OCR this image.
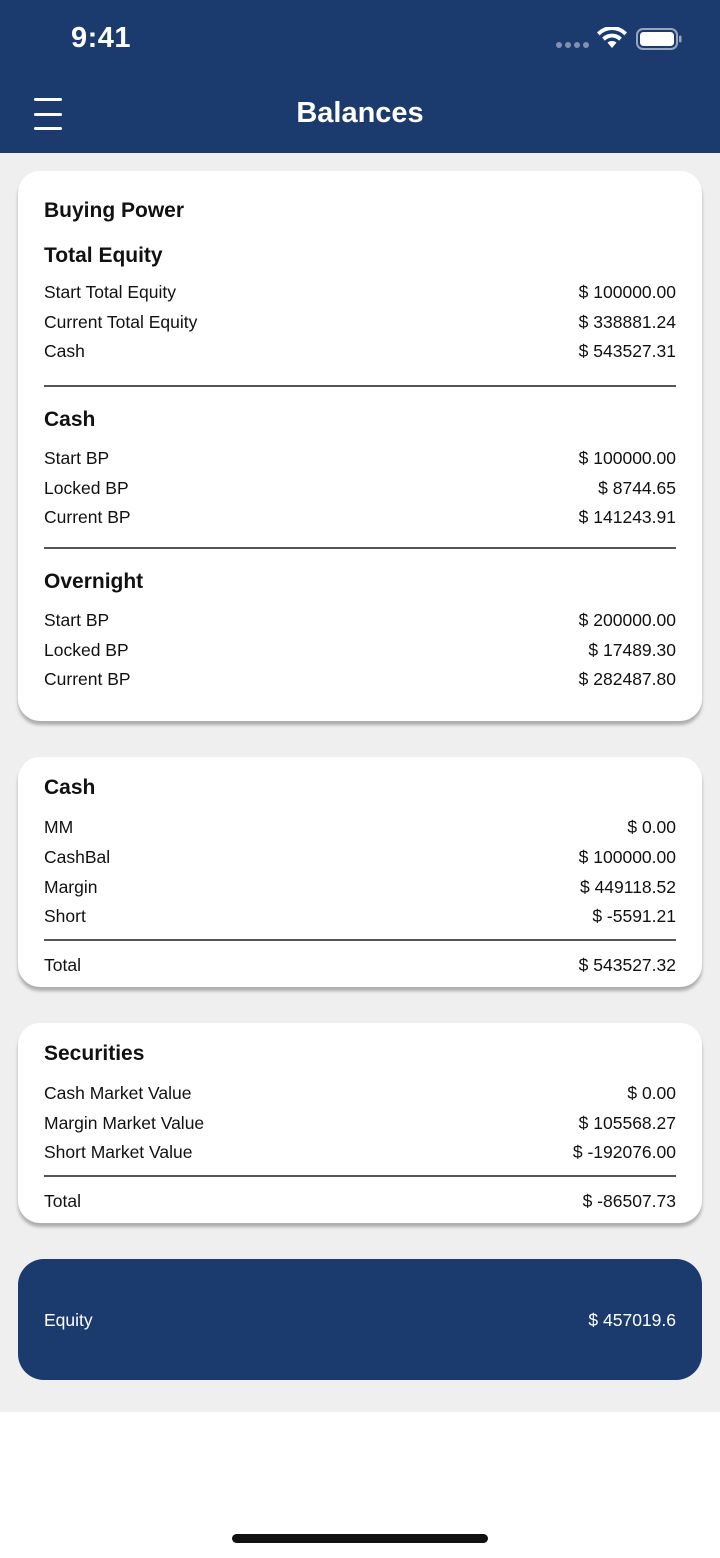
9:41
Balances
Buying Power
Total Equity
Start Total Equity	$ 100000.00
Current Total Equity	$ 338881.24
Cash	$ 543527.31
Cash
Start BP	$ 100000.00
Locked BP	$ 8744.65
Current BP	$ 141243.91
Overnight
Start BP	$ 200000.00
Locked BP	$ 17489.30
Current BP	$ 282487.80
Cash
MM	$ 0.00
CashBal	$ 100000.00
Margin	$ 449118.52
Short	$ -5591.21
Total	$ 543527.32
Securities
Cash Market Value	$ 0.00
Margin Market Value	$ 105568.27
Short Market Value	$ -192076.00
Total	$ -86507.73
Equity	$ 457019.6
